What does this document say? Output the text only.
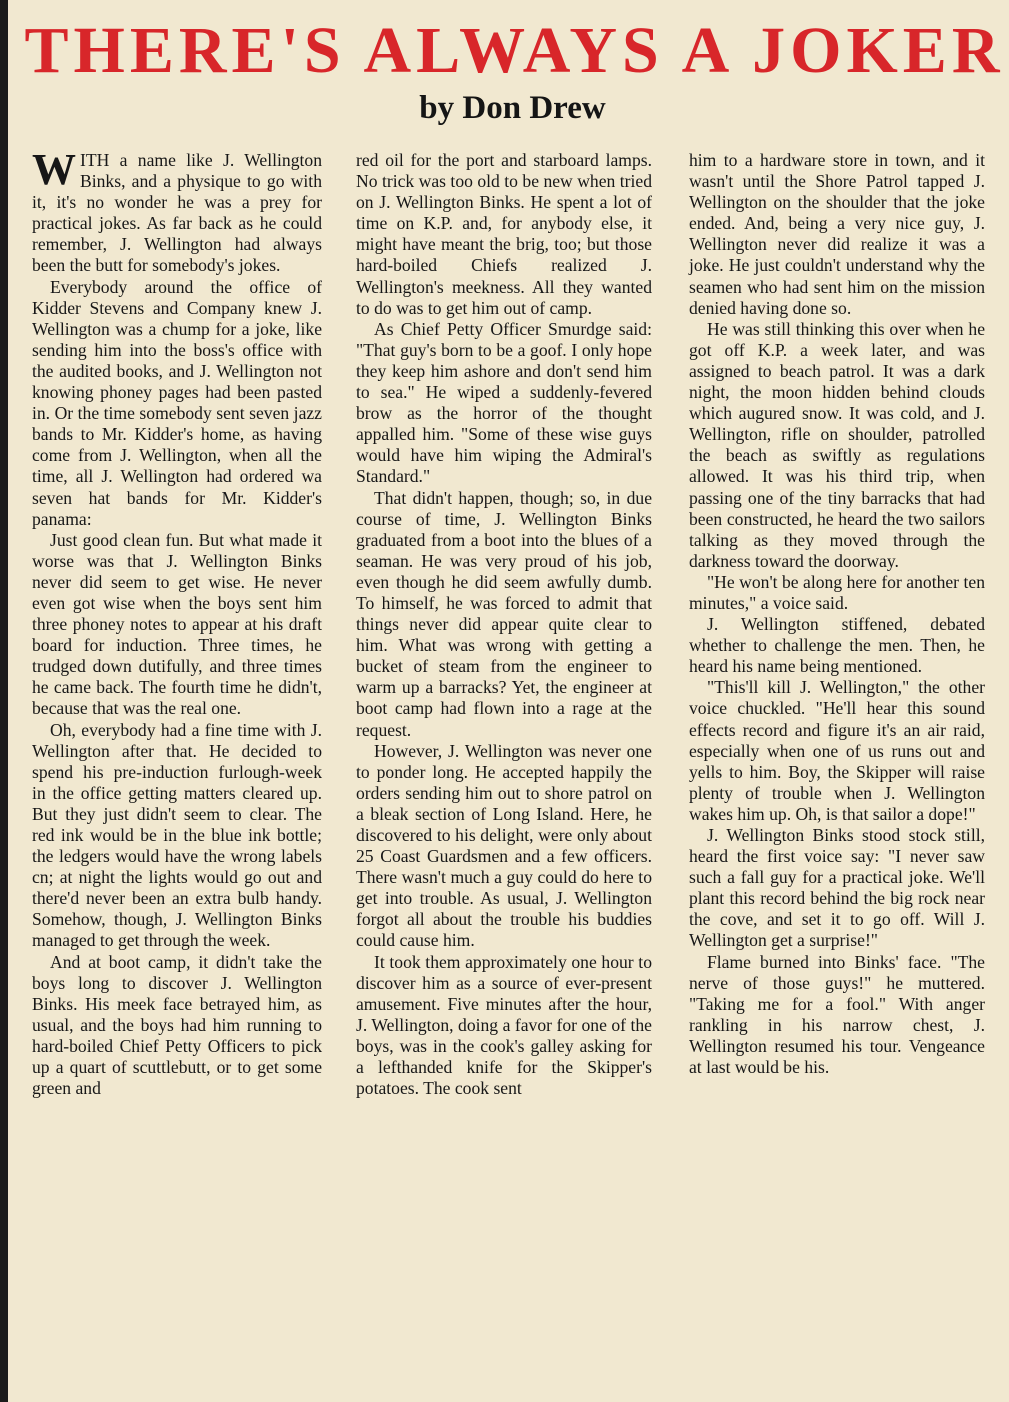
THERE'S ALWAYS A JOKER
by Don Drew

WITH a name like J. Wellington Binks, and a physique to go with it, it's no wonder he was a prey for practical jokes. As far back as he could remember, J. Wellington had always been the butt for somebody's jokes.

Everybody around the office of Kidder Stevens and Company knew J. Wellington was a chump for a joke, like sending him into the boss's office with the audited books, and J. Wellington not knowing phoney pages had been pasted in. Or the time somebody sent seven jazz bands to Mr. Kidder's home, as having come from J. Wellington, when all the time, all J. Wellington had ordered wa seven hat bands for Mr. Kidder's panama:

Just good clean fun. But what made it worse was that J. Wellington Binks never did seem to get wise. He never even got wise when the boys sent him three phoney notes to appear at his draft board for induction. Three times, he trudged down dutifully, and three times he came back. The fourth time he didn't, because that was the real one.

Oh, everybody had a fine time with J. Wellington after that. He decided to spend his pre-induction furlough-week in the office getting matters cleared up. But they just didn't seem to clear. The red ink would be in the blue ink bottle; the ledgers would have the wrong labels cn; at night the lights would go out and there'd never been an extra bulb handy. Somehow, though, J. Wellington Binks managed to get through the week.

And at boot camp, it didn't take the boys long to discover J. Wellington Binks. His meek face betrayed him, as usual, and the boys had him running to hard-boiled Chief Petty Officers to pick up a quart of scuttlebutt, or to get some green and

red oil for the port and starboard lamps. No trick was too old to be new when tried on J. Wellington Binks. He spent a lot of time on K.P. and, for anybody else, it might have meant the brig, too; but those hard-boiled Chiefs realized J. Wellington's meekness. All they wanted to do was to get him out of camp.

As Chief Petty Officer Smurdge said: "That guy's born to be a goof. I only hope they keep him ashore and don't send him to sea." He wiped a suddenly-fevered brow as the horror of the thought appalled him. "Some of these wise guys would have him wiping the Admiral's Standard."

That didn't happen, though; so, in due course of time, J. Wellington Binks graduated from a boot into the blues of a seaman. He was very proud of his job, even though he did seem awfully dumb. To himself, he was forced to admit that things never did appear quite clear to him. What was wrong with getting a bucket of steam from the engineer to warm up a barracks? Yet, the engineer at boot camp had flown into a rage at the request.

However, J. Wellington was never one to ponder long. He accepted happily the orders sending him out to shore patrol on a bleak section of Long Island. Here, he discovered to his delight, were only about 25 Coast Guardsmen and a few officers. There wasn't much a guy could do here to get into trouble. As usual, J. Wellington forgot all about the trouble his buddies could cause him.

It took them approximately one hour to discover him as a source of ever-present amusement. Five minutes after the hour, J. Wellington, doing a favor for one of the boys, was in the cook's galley asking for a lefthanded knife for the Skipper's potatoes. The cook sent

him to a hardware store in town, and it wasn't until the Shore Patrol tapped J. Wellington on the shoulder that the joke ended. And, being a very nice guy, J. Wellington never did realize it was a joke. He just couldn't understand why the seamen who had sent him on the mission denied having done so.

He was still thinking this over when he got off K.P. a week later, and was assigned to beach patrol. It was a dark night, the moon hidden behind clouds which augured snow. It was cold, and J. Wellington, rifle on shoulder, patrolled the beach as swiftly as regulations allowed. It was his third trip, when passing one of the tiny barracks that had been constructed, he heard the two sailors talking as they moved through the darkness toward the doorway.

"He won't be along here for another ten minutes," a voice said.

J. Wellington stiffened, debated whether to challenge the men. Then, he heard his name being mentioned.

"This'll kill J. Wellington," the other voice chuckled. "He'll hear this sound effects record and figure it's an air raid, especially when one of us runs out and yells to him. Boy, the Skipper will raise plenty of trouble when J. Wellington wakes him up. Oh, is that sailor a dope!"

J. Wellington Binks stood stock still, heard the first voice say: "I never saw such a fall guy for a practical joke. We'll plant this record behind the big rock near the cove, and set it to go off. Will J. Wellington get a surprise!"

Flame burned into Binks' face. "The nerve of those guys!" he muttered. "Taking me for a fool." With anger rankling in his narrow chest, J. Wellington resumed his tour. Vengeance at last would be his.
